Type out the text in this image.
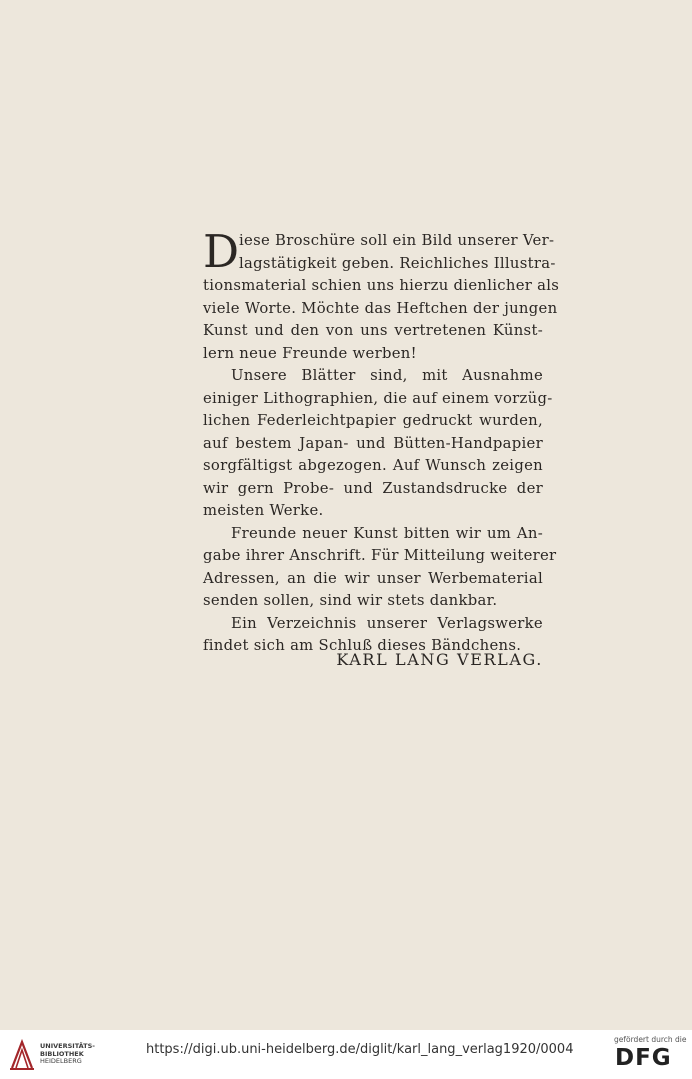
D iese Broschüre soll ein Bild unserer Ver-
lagstätigkeit geben. Reichliches Illustra-
tionsmaterial schien uns hierzu dienlicher als
viele Worte. Möchte das Heftchen der jungen
Kunst und den von uns vertretenen Künst-
lern neue Freunde werben!
Unsere Blätter sind, mit Ausnahme
einiger Lithographien, die auf einem vorzüg-
lichen Federleichtpapier gedruckt wurden,
auf bestem Japan- und Bütten-Handpapier
sorgfältigst abgezogen. Auf Wunsch zeigen
wir gern Probe- und Zustandsdrucke der
meisten Werke.
Freunde neuer Kunst bitten wir um An-
gabe ihrer Anschrift. Für Mitteilung weiterer
Adressen, an die wir unser Werbematerial
senden sollen, sind wir stets dankbar.
Ein Verzeichnis unserer Verlagswerke
findet sich am Schluß dieses Bändchens.
KARL LANG VERLAG.
UNIVERSITÄTS-
BIBLIOTHEK
HEIDELBERG
https://digi.ub.uni-heidelberg.de/diglit/karl_lang_verlag1920/0004
gefördert durch die
DFG
